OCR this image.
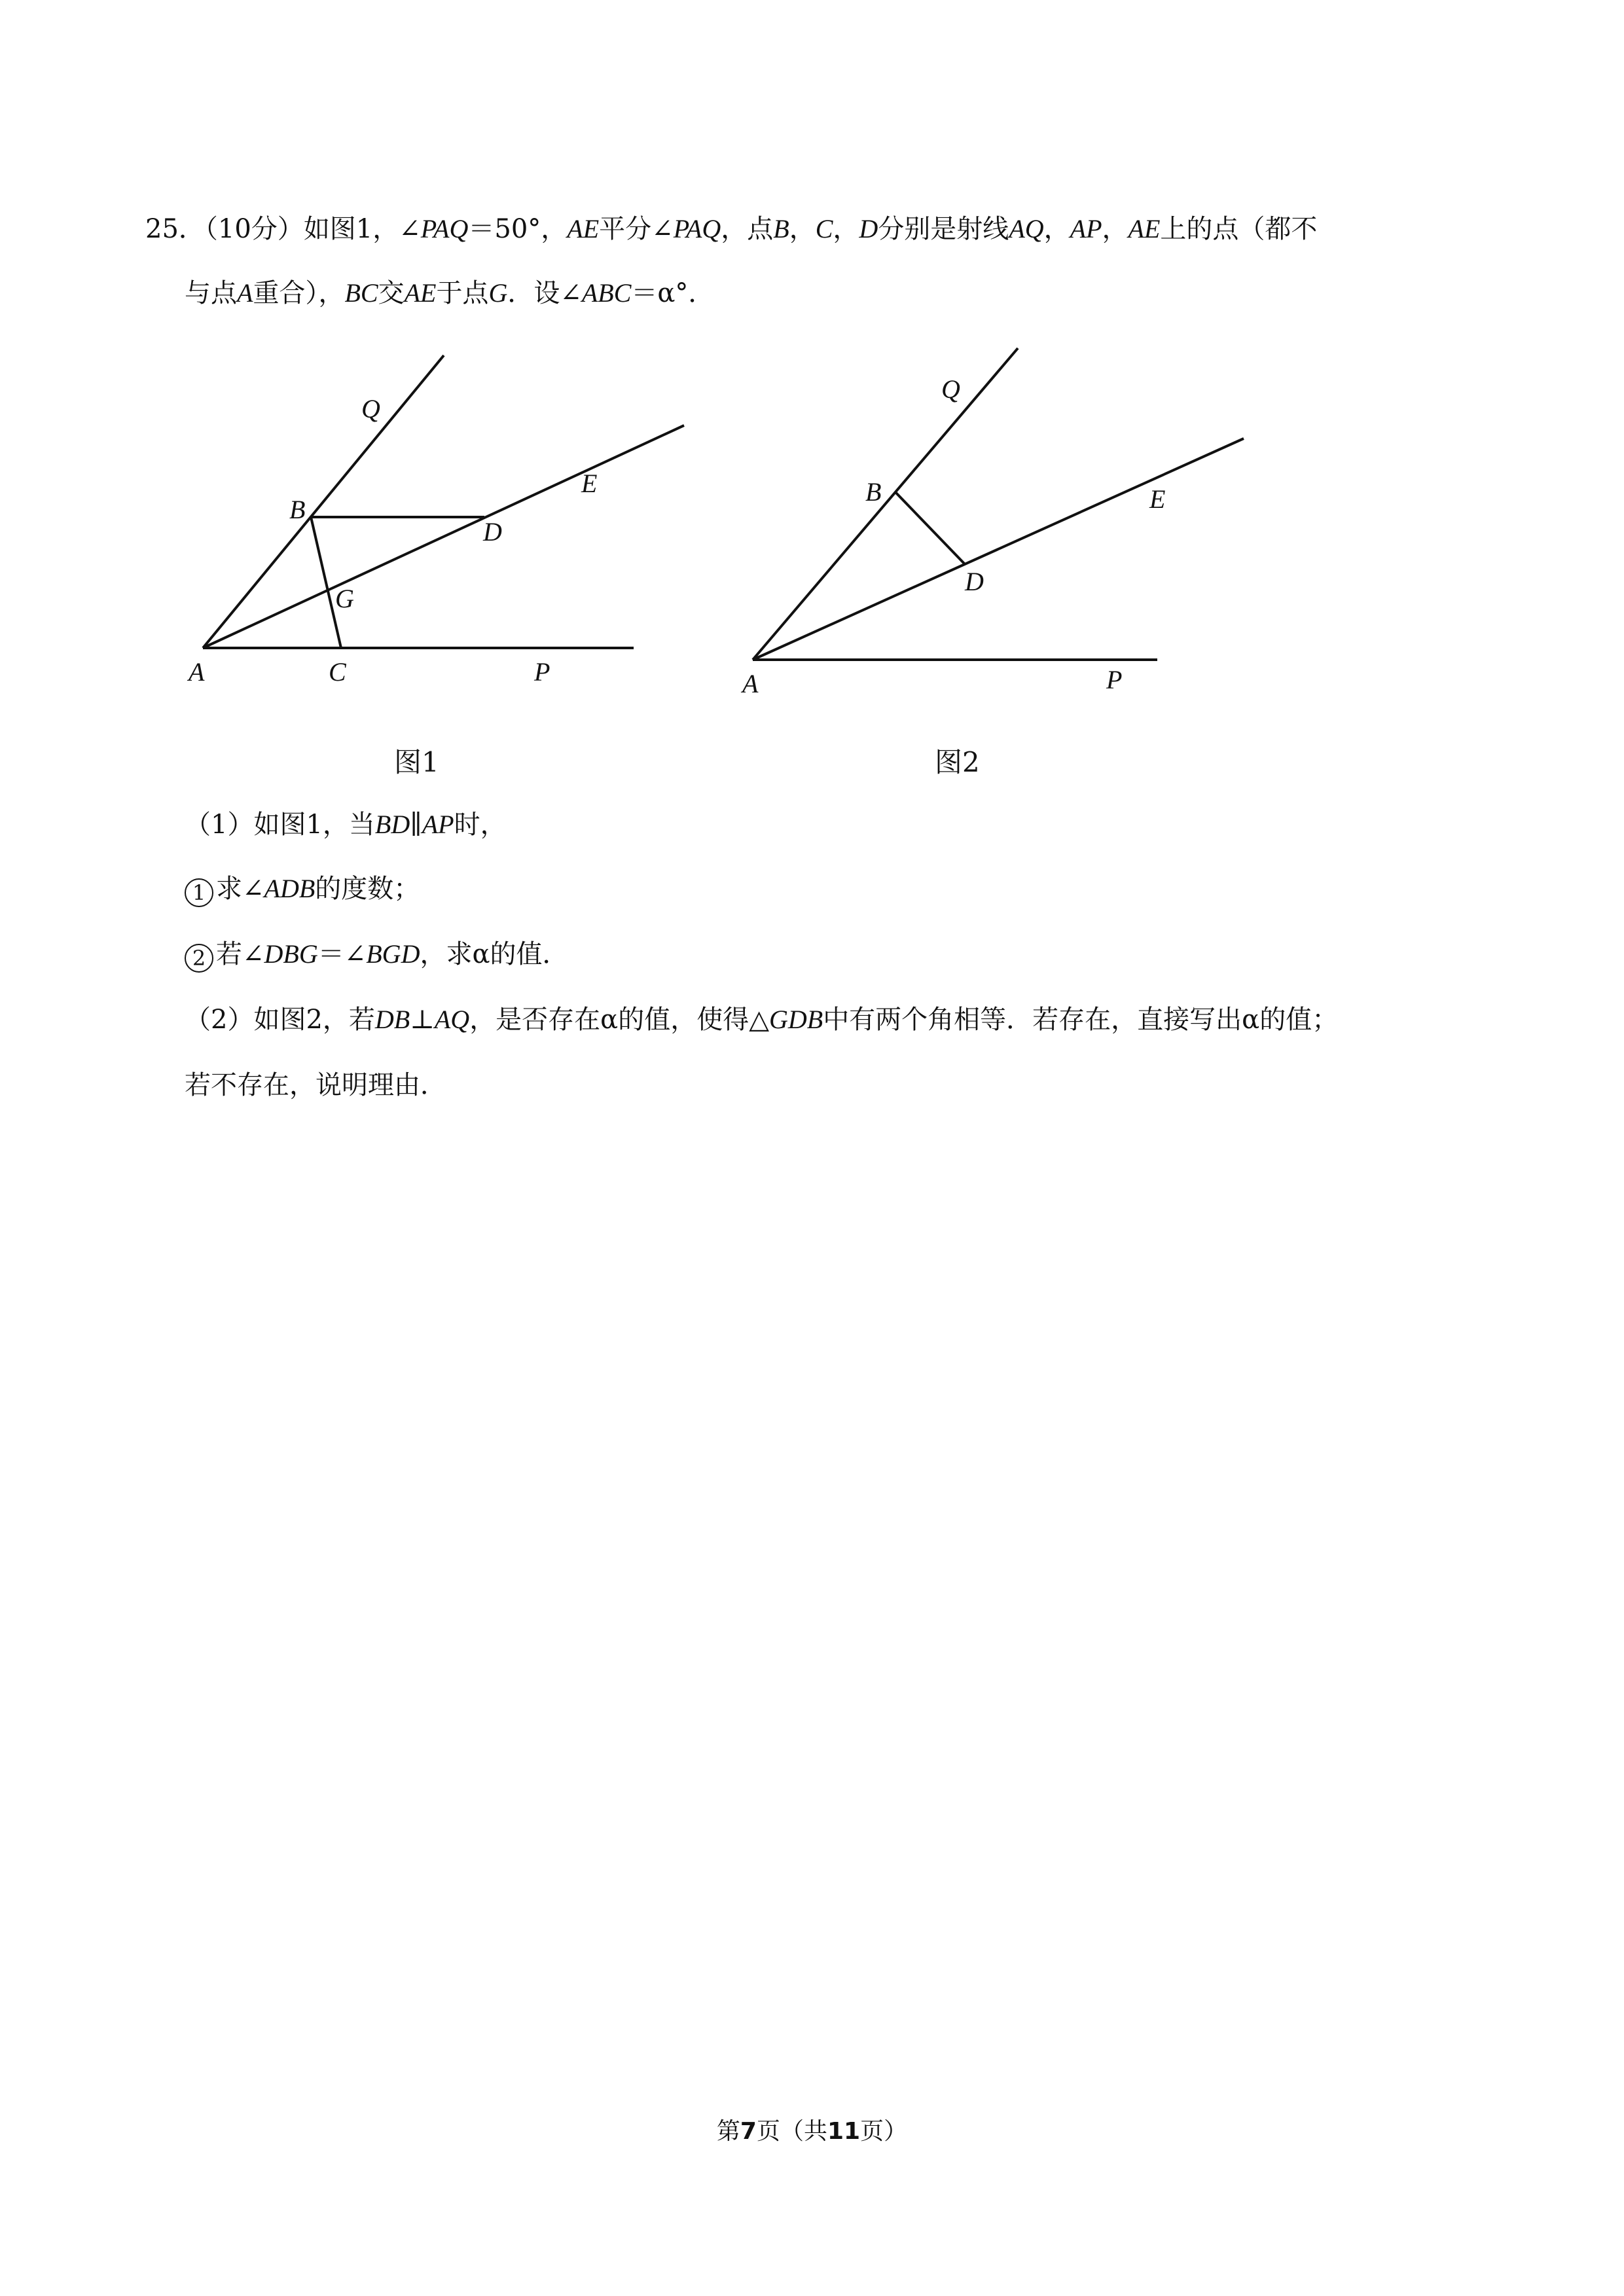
25．（10分）如图1，∠PAQ＝50°，AE平分∠PAQ，点B，C，D分别是射线AQ，AP，AE上的点（都不
与点A重合），BC交AE于点G．设∠ABC＝α°．
Q
B
E
D
G
A	C	P
图1
Q
B	E
D
A	P
图2
（1）如图1，当BD∥AP时，
1 求∠ADB的度数；
2 若∠DBG＝∠BGD，求α的值．
（2）如图2，若DB⊥AQ，是否存在α的值，使得△GDB中有两个角相等．若存在，直接写出α的值；
若不存在，说明理由．
第7页（共11页）
